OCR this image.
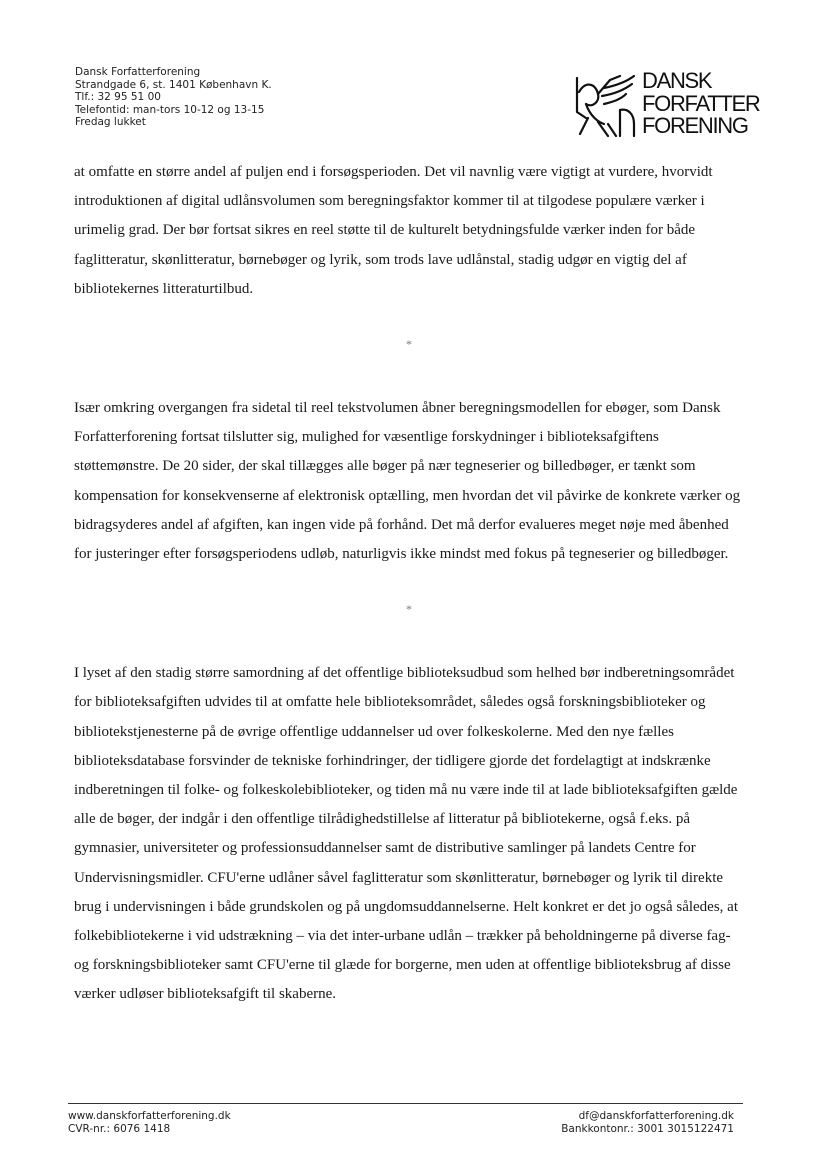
Dansk Forfatterforening
Strandgade 6, st. 1401 København K.
Tlf.: 32 95 51 00
Telefontid: man-tors 10-12 og 13-15
Fredag lukket
DANSK
FORFATTER
FORENING

at omfatte en større andel af puljen end i forsøgsperioden. Det vil navnlig være vigtigt at vurdere, hvorvidt introduktionen af digital udlånsvolumen som beregningsfaktor kommer til at tilgodese populære værker i urimelig grad. Der bør fortsat sikres en reel støtte til de kulturelt betydningsfulde værker inden for både faglitteratur, skønlitteratur, børnebøger og lyrik, som trods lave udlånstal, stadig udgør en vigtig del af bibliotekernes litteraturtilbud.

*

Især omkring overgangen fra sidetal til reel tekstvolumen åbner beregningsmodellen for ebøger, som Dansk Forfatterforening fortsat tilslutter sig, mulighed for væsentlige forskydninger i biblioteksafgiftens støttemønstre. De 20 sider, der skal tillægges alle bøger på nær tegneserier og billedbøger, er tænkt som kompensation for konsekvenserne af elektronisk optælling, men hvordan det vil påvirke de konkrete værker og bidragsyderes andel af afgiften, kan ingen vide på forhånd. Det må derfor evalueres meget nøje med åbenhed for justeringer efter forsøgsperiodens udløb, naturligvis ikke mindst med fokus på tegneserier og billedbøger.

*

I lyset af den stadig større samordning af det offentlige biblioteksudbud som helhed bør indberetningsområdet for biblioteksafgiften udvides til at omfatte hele biblioteksområdet, således også forskningsbiblioteker og bibliotekstjenesterne på de øvrige offentlige uddannelser ud over folkeskolerne. Med den nye fælles biblioteksdatabase forsvinder de tekniske forhindringer, der tidligere gjorde det fordelagtigt at indskrænke indberetningen til folke- og folkeskolebiblioteker, og tiden må nu være inde til at lade biblioteksafgiften gælde alle de bøger, der indgår i den offentlige tilrådighedstillelse af litteratur på bibliotekerne, også f.eks. på gymnasier, universiteter og professionsuddannelser samt de distributive samlinger på landets Centre for Undervisningsmidler. CFU'erne udlåner såvel faglitteratur som skønlitteratur, børnebøger og lyrik til direkte brug i undervisningen i både grundskolen og på ungdomsuddannelserne. Helt konkret er det jo også således, at folkebibliotekerne i vid udstrækning – via det inter-urbane udlån – trækker på beholdningerne på diverse fag- og forskningsbiblioteker samt CFU'erne til glæde for borgerne, men uden at offentlige biblioteksbrug af disse værker udløser biblioteksafgift til skaberne.

www.danskforfatterforening.dk
CVR-nr.: 6076 1418
df@danskforfatterforening.dk
Bankkontonr.: 3001 3015122471
